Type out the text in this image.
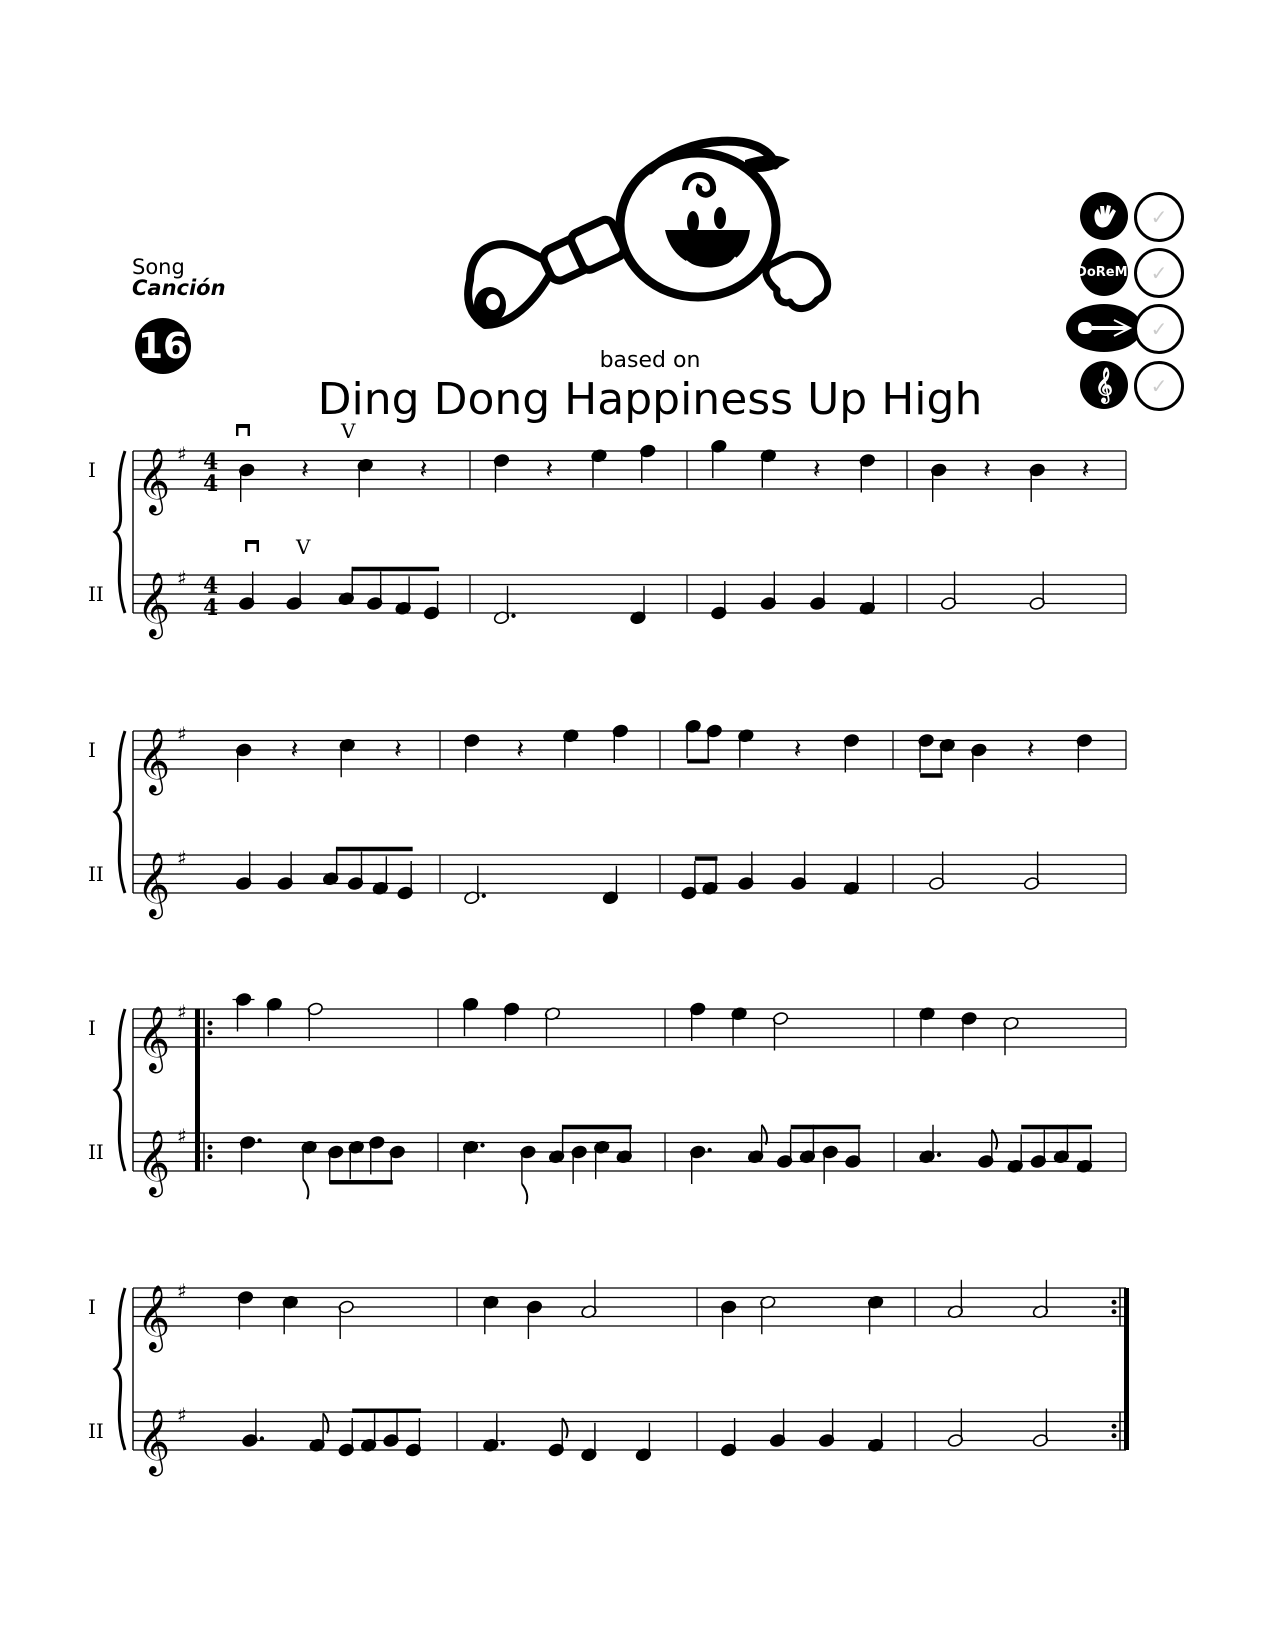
Song
Canción
16	based on
Ding Dong Happiness Up High
✓
DoReMi ✓
✓
𝄞	✓
𝄞 ♯ 4
4
I
𝄞 ♯ 4
4
II
𝄽	𝄽	𝄽	𝄽	𝄽	𝄽
𝄞 ♯
I
𝄞 ♯
II
𝄽	𝄽	𝄽	𝄽	𝄽
𝄞 ♯
I
𝄞 ♯
II
𝄞 ♯
I
𝄞 ♯
II
V
V
